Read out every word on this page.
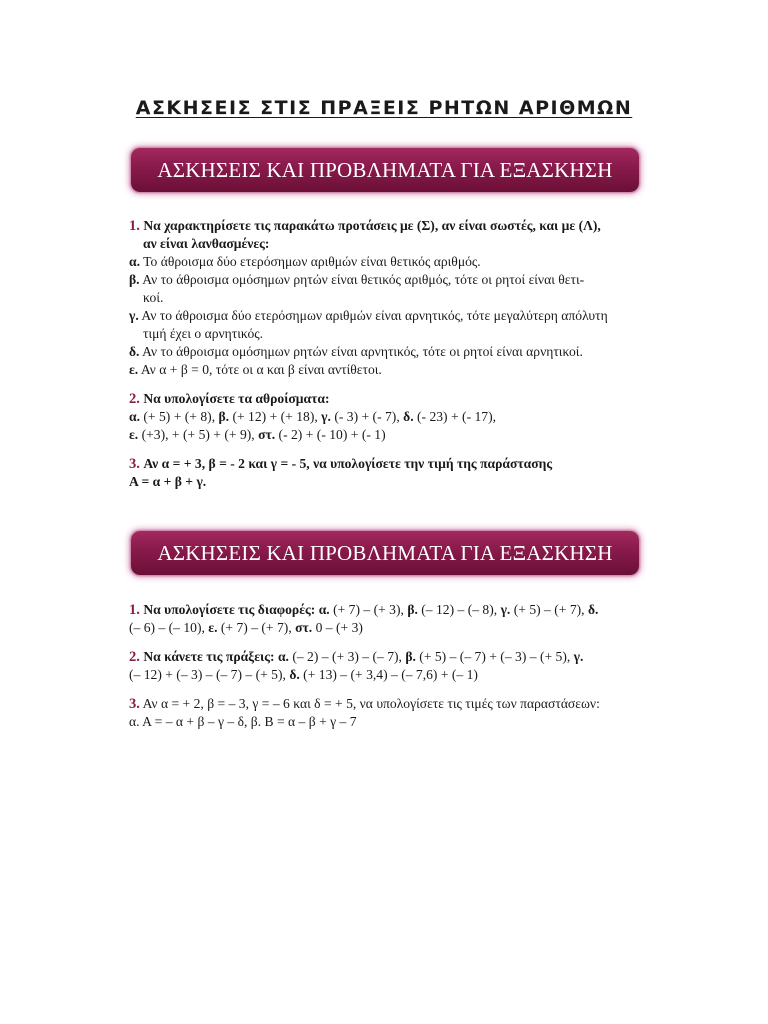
ΑΣΚΗΣΕΙΣ ΣΤΙΣ ΠΡΑΞΕΙΣ ΡΗΤΩΝ ΑΡΙΘΜΩΝ
ΑΣΚΗΣΕΙΣ ΚΑΙ ΠΡΟΒΛΗΜΑΤΑ ΓΙΑ ΕΞΑΣΚΗΣΗ

1. Να χαρακτηρίσετε τις παρακάτω προτάσεις με (Σ), αν είναι σωστές, και με (Λ),

αν είναι λανθασμένες:

α. Το άθροισμα δύο ετερόσημων αριθμών είναι θετικός αριθμός.

β. Αν το άθροισμα ομόσημων ρητών είναι θετικός αριθμός, τότε οι ρητοί είναι θετι-

κοί.

γ. Αν το άθροισμα δύο ετερόσημων αριθμών είναι αρνητικός, τότε μεγαλύτερη απόλυτη

τιμή έχει ο αρνητικός.

δ. Αν το άθροισμα ομόσημων ρητών είναι αρνητικός, τότε οι ρητοί είναι αρνητικοί.

ε. Αν α + β = 0, τότε οι α και β είναι αντίθετοι.

2. Να υπολογίσετε τα αθροίσματα:

α. (+ 5) + (+ 8), β. (+ 12) + (+ 18), γ. (- 3) + (- 7), δ. (- 23) + (- 17),

ε. (+3), + (+ 5) + (+ 9), στ. (- 2) + (- 10) + (- 1)

3. Αν α = + 3, β = - 2 και γ = - 5, να υπολογίσετε την τιμή της παράστασης

Α = α + β + γ.

ΑΣΚΗΣΕΙΣ ΚΑΙ ΠΡΟΒΛΗΜΑΤΑ ΓΙΑ ΕΞΑΣΚΗΣΗ

1. Να υπολογίσετε τις διαφορές: α. (+ 7) – (+ 3), β. (– 12) – (– 8), γ. (+ 5) – (+ 7), δ.

(– 6) – (– 10), ε. (+ 7) – (+ 7), στ. 0 – (+ 3)

2. Να κάνετε τις πράξεις: α. (– 2) – (+ 3) – (– 7), β. (+ 5) – (– 7) + (– 3) – (+ 5), γ.

(– 12) + (– 3) – (– 7) – (+ 5), δ. (+ 13) – (+ 3,4) – (– 7,6) + (– 1)

3. Αν α = + 2, β = – 3, γ = – 6 και δ = + 5, να υπολογίσετε τις τιμές των παραστάσεων:

α. Α = – α + β – γ – δ, β. Β = α – β + γ – 7
